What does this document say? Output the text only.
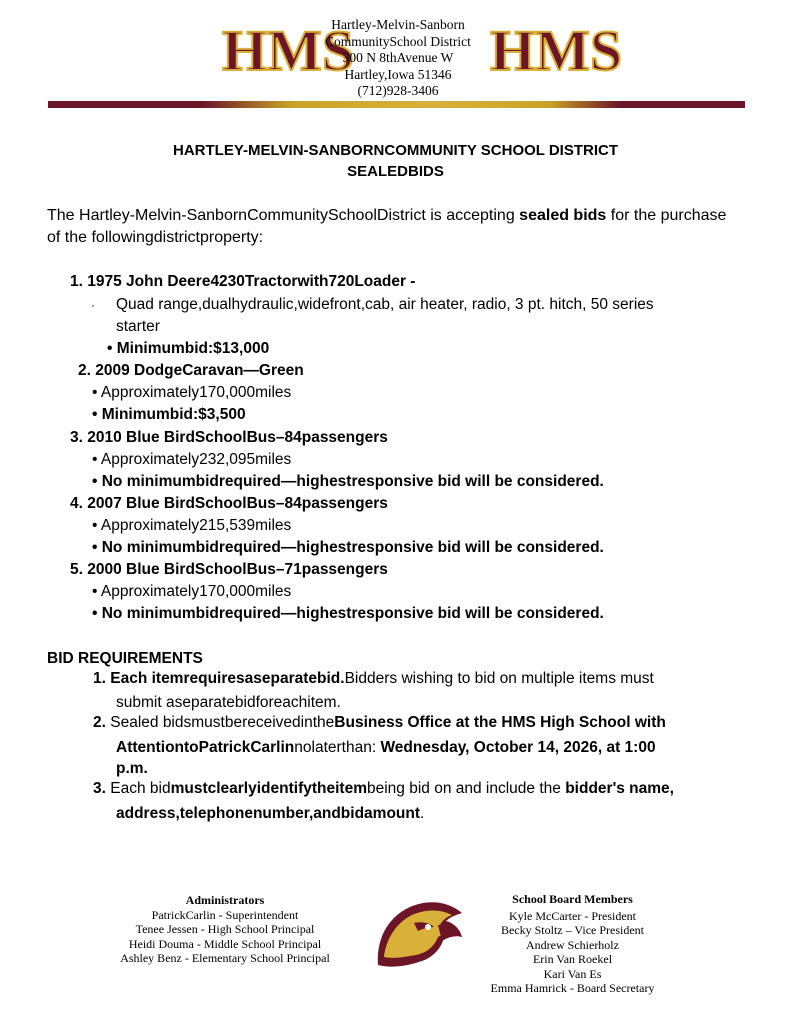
HMS
Hartley-Melvin-Sanborn
CommunitySchool District
300 N 8thAvenue W
Hartley,Iowa 51346
(712)928-3406
HMS
HARTLEY-MELVIN-SANBORNCOMMUNITY SCHOOL DISTRICT
SEALEDBIDS
The Hartley-Melvin-SanbornCommunitySchoolDistrict is accepting sealed bids for the purchase of the followingdistrictproperty:
1. 1975 John Deere4230Tractorwith720Loader -
· Quad range,dualhydraulic,widefront,cab, air heater, radio, 3 pt. hitch, 50 series
starter
• Minimumbid:$13,000
2. 2009 DodgeCaravan—Green
• Approximately170,000miles
• Minimumbid:$3,500
3. 2010 Blue BirdSchoolBus–84passengers
• Approximately232,095miles
• No minimumbidrequired—highestresponsive bid will be considered.
4. 2007 Blue BirdSchoolBus–84passengers
• Approximately215,539miles
• No minimumbidrequired—highestresponsive bid will be considered.
5. 2000 Blue BirdSchoolBus–71passengers
• Approximately170,000miles
• No minimumbidrequired—highestresponsive bid will be considered.
BID REQUIREMENTS
1. Each itemrequiresaseparatebid.Bidders wishing to bid on multiple items must
submit aseparatebidforeachitem.
2. Sealed bidsmustbereceivedintheBusiness Office at the HMS High School with
AttentiontoPatrickCarlinnolaterthan: Wednesday, October 14, 2026, at 1:00
p.m.
3. Each bidmustclearlyidentifytheitembeing bid on and include the bidder's name,
address,telephonenumber,andbidamount.
Administrators
PatrickCarlin - Superintendent
Tenee Jessen - High School Principal
Heidi Douma - Middle School Principal
Ashley Benz - Elementary School Principal
School Board Members
Kyle McCarter - President
Becky Stoltz – Vice President
Andrew Schierholz
Erin Van Roekel
Kari Van Es
Emma Hamrick - Board Secretary
